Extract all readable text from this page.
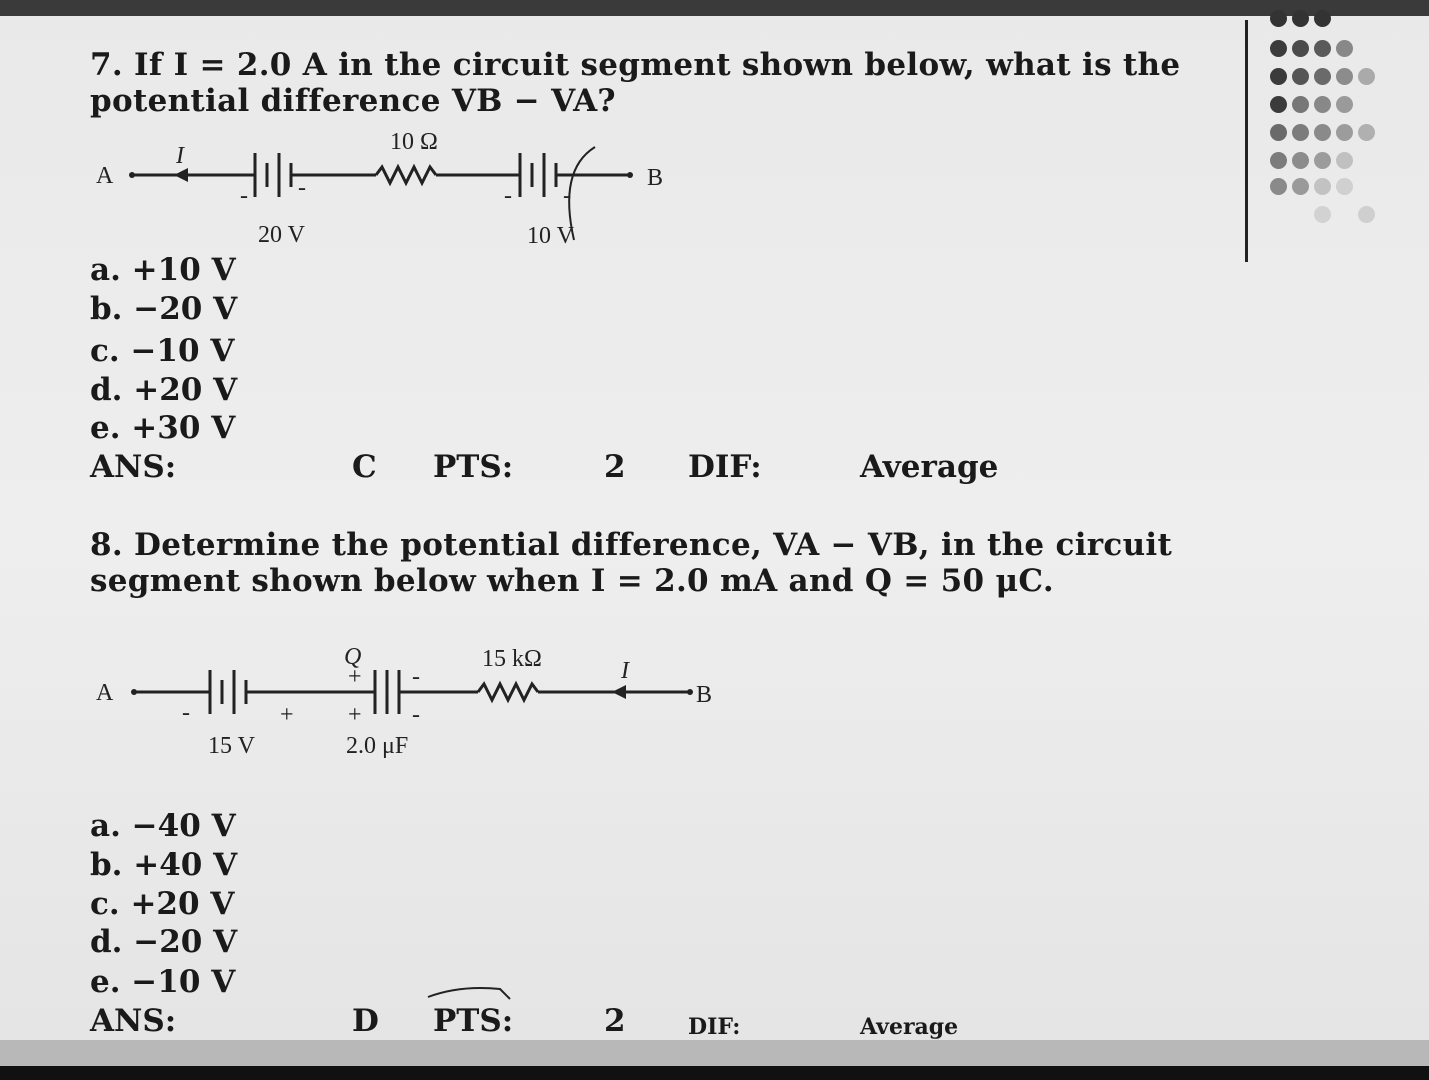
7. If I = 2.0 A in the circuit segment shown below, what is the
potential difference VB − VA?
- -	- -
A	B
I
10 Ω
20 V	10 V
a. +10 V
b. −20 V
c. −10 V
d. +20 V
e. +30 V
ANS:	C PTS:	2 DIF:	Average
8. Determine the potential difference, VA − VB, in the circuit
segment shown below when I = 2.0 mA and Q = 50 μC.
-	+
+
+
-
-
A	B
I
Q	15 kΩ
15 V	2.0 μF
a. −40 V
b. +40 V
c. +20 V
d. −20 V
e. −10 V
ANS:	D PTS:	2	DIF:	Average
